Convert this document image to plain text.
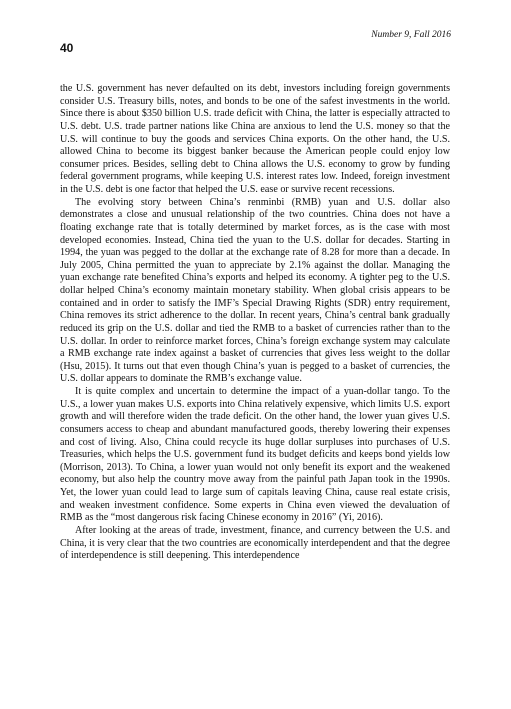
40
Number 9, Fall 2016

the U.S. government has never defaulted on its debt, investors including foreign governments consider U.S. Treasury bills, notes, and bonds to be one of the safest investments in the world. Since there is about $350 billion U.S. trade deficit with China, the latter is especially attracted to U.S. debt. U.S. trade partner nations like China are anxious to lend the U.S. money so that the U.S. will continue to buy the goods and services China exports. On the other hand, the U.S. allowed China to become its biggest banker because the American people could enjoy low consumer prices. Besides, selling debt to China allows the U.S. economy to grow by funding federal government programs, while keeping U.S. interest rates low. Indeed, foreign investment in the U.S. debt is one factor that helped the U.S. ease or survive recent recessions.

The evolving story between China’s renminbi (RMB) yuan and U.S. dollar also demonstrates a close and unusual relationship of the two countries. China does not have a floating exchange rate that is totally determined by market forces, as is the case with most developed economies. Instead, China tied the yuan to the U.S. dollar for decades. Starting in 1994, the yuan was pegged to the dollar at the exchange rate of 8.28 for more than a decade. In July 2005, China permitted the yuan to appreciate by 2.1% against the dollar. Managing the yuan exchange rate benefited China’s exports and helped its economy. A tighter peg to the U.S. dollar helped China’s economy maintain monetary stability. When global crisis appears to be contained and in order to satisfy the IMF’s Special Drawing Rights (SDR) entry requirement, China removes its strict adherence to the dollar. In recent years, China’s central bank gradually reduced its grip on the U.S. dollar and tied the RMB to a basket of currencies rather than to the U.S. dollar. In order to reinforce market forces, China’s foreign exchange system may calculate a RMB exchange rate index against a basket of currencies that gives less weight to the dollar (Hsu, 2015). It turns out that even though China’s yuan is pegged to a basket of currencies, the U.S. dollar appears to dominate the RMB’s exchange value.

It is quite complex and uncertain to determine the impact of a yuan-dollar tango. To the U.S., a lower yuan makes U.S. exports into China relatively expensive, which limits U.S. export growth and will therefore widen the trade deficit. On the other hand, the lower yuan gives U.S. consumers access to cheap and abundant manufactured goods, thereby lowering their expenses and cost of living. Also, China could recycle its huge dollar surpluses into purchases of U.S. Treasuries, which helps the U.S. government fund its budget deficits and keeps bond yields low (Morrison, 2013). To China, a lower yuan would not only benefit its export and the weakened economy, but also help the country move away from the painful path Japan took in the 1990s. Yet, the lower yuan could lead to large sum of capitals leaving China, cause real estate crisis, and weaken investment confidence. Some experts in China even viewed the devaluation of RMB as the “most dangerous risk facing Chinese economy in 2016” (Yi, 2016).

After looking at the areas of trade, investment, finance, and currency between the U.S. and China, it is very clear that the two countries are economically interdependent and that the degree of interdependence is still deepening. This interdependence
